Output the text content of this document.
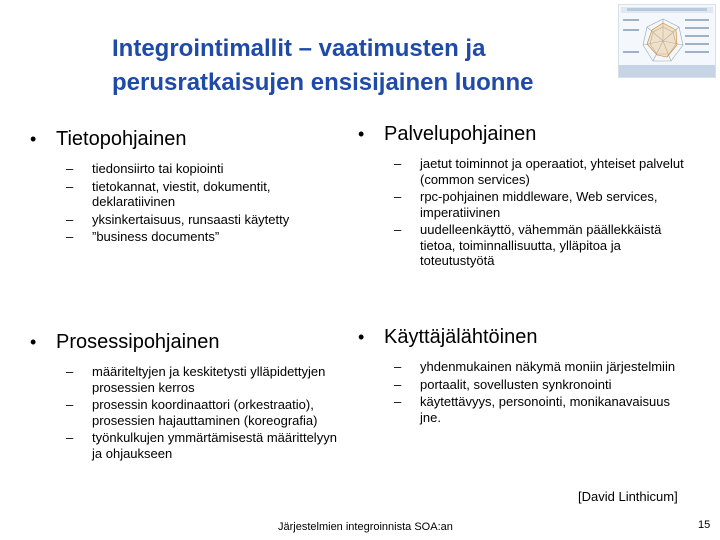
Integrointimallit – vaatimusten ja
perusratkaisujen ensisijainen luonne
• Tietopohjainen
–	tiedonsiirto tai kopiointi
–	tietokannat, viestit, dokumentit, deklaratiivinen
–	yksinkertaisuus, runsaasti käytetty
–	”business documents”
• Palvelupohjainen
–	jaetut toiminnot ja operaatiot, yhteiset palvelut (common services)
–	rpc-pohjainen middleware, Web services, imperatiivinen
–	uudelleenkäyttö, vähemmän päällekkäistä tietoa, toiminnallisuutta, ylläpitoa ja toteutustyötä
• Prosessipohjainen
–	määriteltyjen ja keskitetysti ylläpidettyjen prosessien kerros
–	prosessin koordinaattori (orkestraatio), prosessien hajauttaminen (koreografia)
–	työnkulkujen ymmärtämisestä määrittelyyn ja ohjaukseen
• Käyttäjälähtöinen
–	yhdenmukainen näkymä moniin järjestelmiin
–	portaalit, sovellusten synkronointi
–	käytettävyys, personointi, monikanavaisuus jne.
[David Linthicum]
Järjestelmien integroinnista SOA:an	15
